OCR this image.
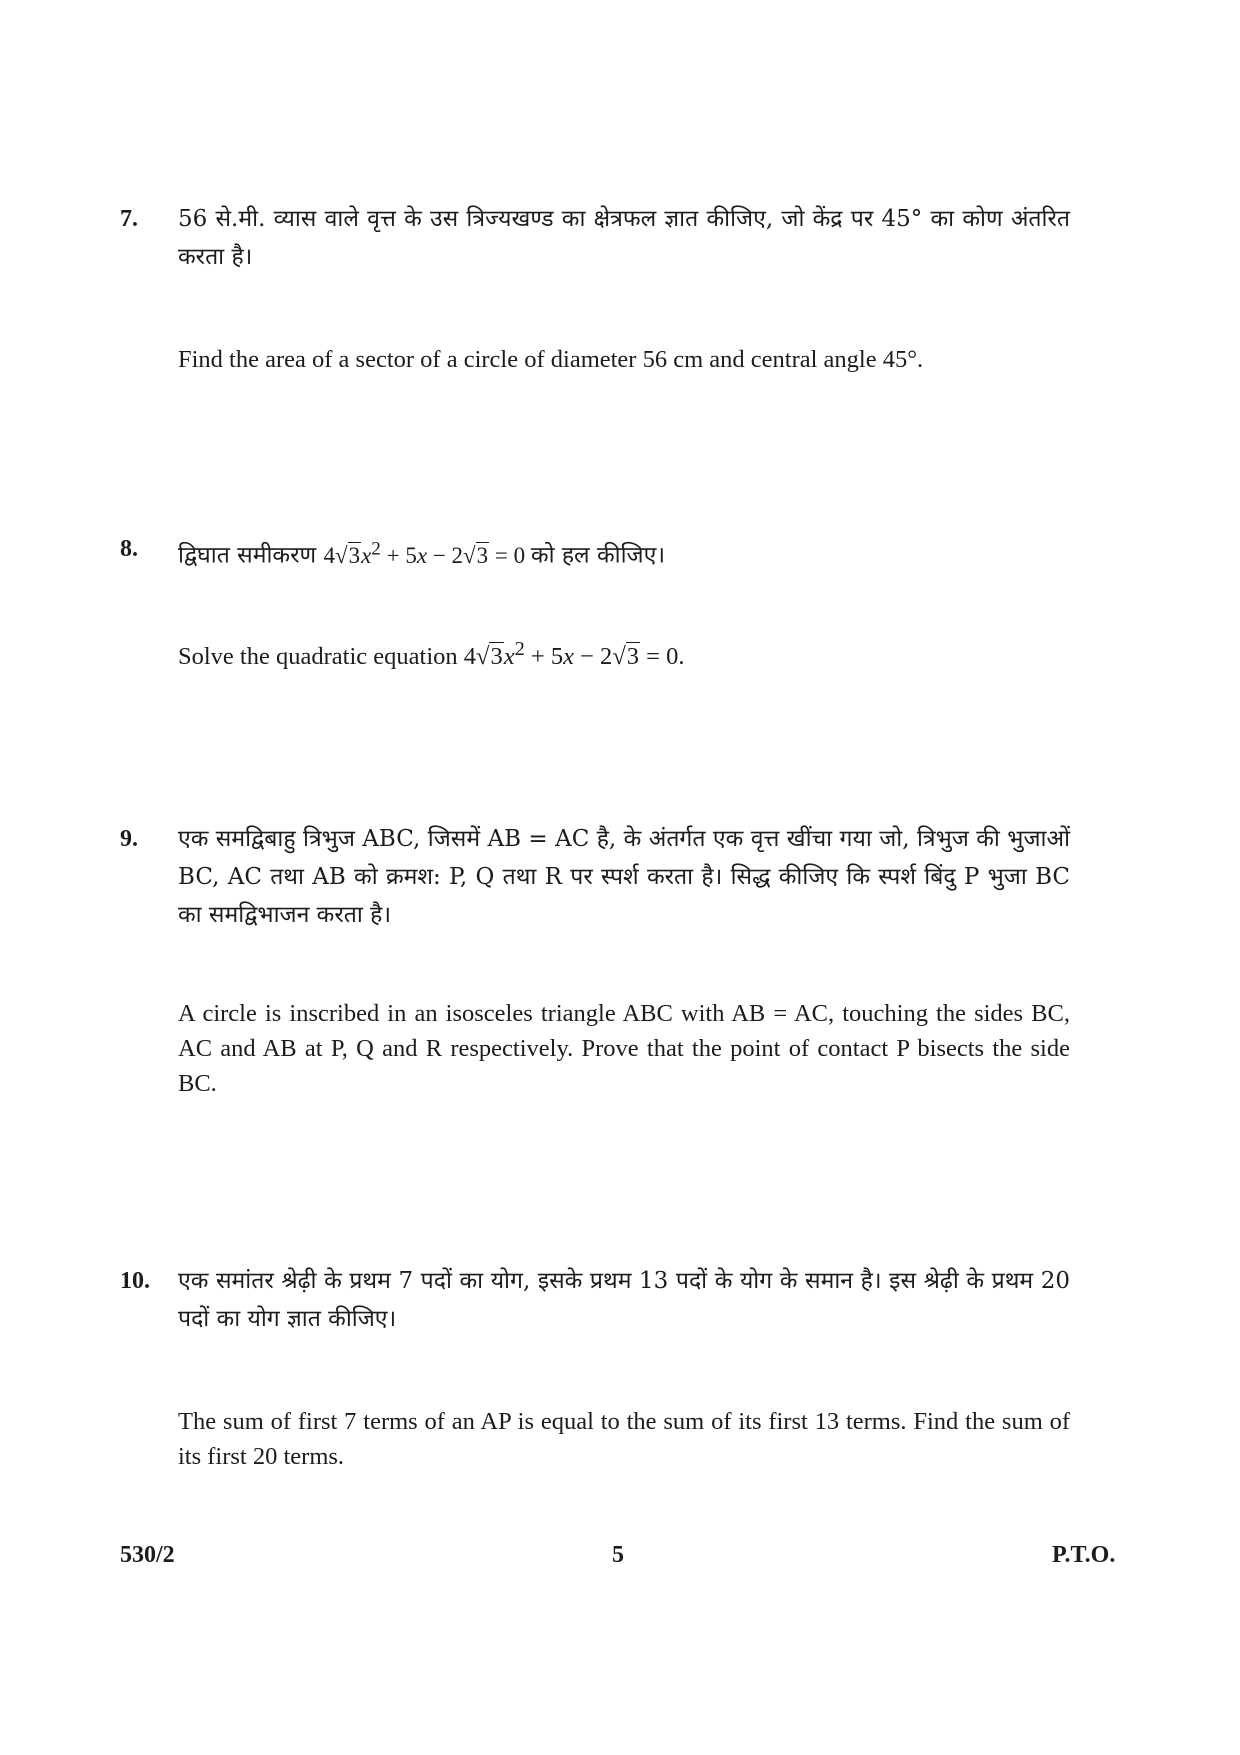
7. 56 से.मी. व्यास वाले वृत्त के उस त्रिज्यखण्ड का क्षेत्रफल ज्ञात कीजिए, जो केंद्र पर 45° का कोण अंतरित करता है।
Find the area of a sector of a circle of diameter 56 cm and central angle 45°.
8. द्विघात समीकरण $4√3x^2 + 5x - 2√3 = 0$ को हल कीजिए।
Solve the quadratic equation $4√3x^2 + 5x - 2√3 = 0$.
9. एक समद्विबाहु त्रिभुज ABC, जिसमें AB = AC है, के अंतर्गत एक वृत्त खींचा गया जो, त्रिभुज की भुजाओं BC, AC तथा AB को क्रमश: P, Q तथा R पर स्पर्श करता है। सिद्ध कीजिए कि स्पर्श बिंदु P भुजा BC का समद्विभाजन करता है।
A circle is inscribed in an isosceles triangle ABC with AB = AC, touching the sides BC, AC and AB at P, Q and R respectively. Prove that the point of contact P bisects the side BC.
10. एक समांतर श्रेढ़ी के प्रथम 7 पदों का योग, इसके प्रथम 13 पदों के योग के समान है। इस श्रेढ़ी के प्रथम 20 पदों का योग ज्ञात कीजिए।
The sum of first 7 terms of an AP is equal to the sum of its first 13 terms. Find the sum of its first 20 terms.
530/2	5	P.T.O.
